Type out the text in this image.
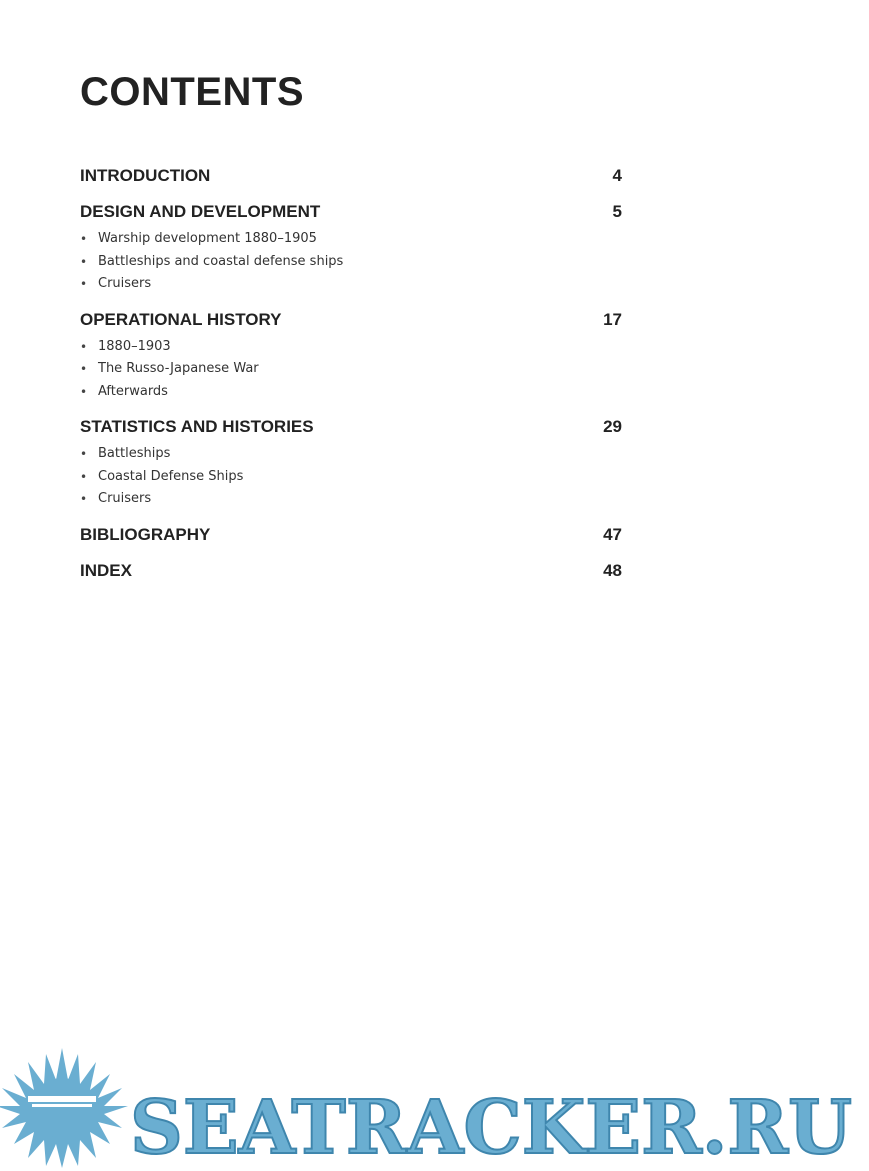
CONTENTS
INTRODUCTION	4
DESIGN AND DEVELOPMENT	5
• Warship development 1880–1905
• Battleships and coastal defense ships
• Cruisers
OPERATIONAL HISTORY	17
• 1880–1903
• The Russo-Japanese War
• Afterwards
STATISTICS AND HISTORIES	29
• Battleships
• Coastal Defense Ships
• Cruisers
BIBLIOGRAPHY	47
INDEX	48
SEATRACKER.RU
